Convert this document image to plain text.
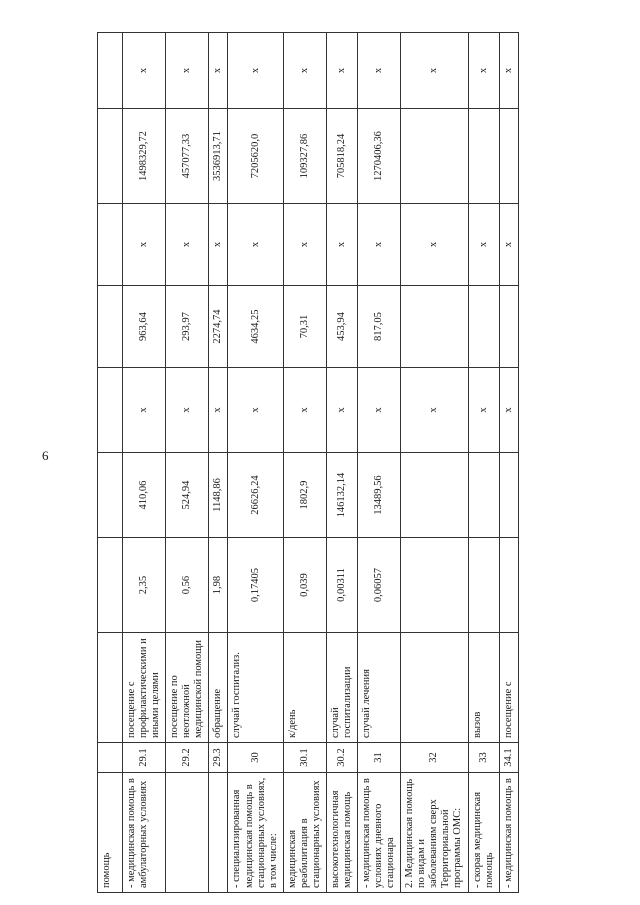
6
помощь									
- медицинская помощь в амбулаторных условиях	29.1	посещение с профилактическими и иными целями	2,35	410,06	x	963,64	x	1498329,72	x
	29.2	посещение по неотложной медицинской помощи	0,56	524,94	x	293,97	x	457077,33	x
	29.3	обращение	1,98	1148,86	x	2274,74	x	3536913,71	x
- специализированная медицинская помощь в стационарных условиях, в том числе:	30	случай госпитализ.	0,17405	26626,24	x	4634,25	x	7205620,0	x
медицинская реабилитация в стационарных условиях	30.1	к/день	0,039	1802,9	x	70,31	x	109327,86	x
высокотехнологичная медицинская помощь	30.2	случай госпитализации	0,00311	146132,14	x	453,94	x	705818,24	x
- медицинская помощь в условиях дневного стационара	31	случай лечения	0,06057	13489,56	x	817,05	x	1270406,36	x
2. Медицинская помощь по видам и заболеваниям сверх Территориальной программы ОМС:	32				x		x		x
- скорая медицинская помощь	33	вызов			x		x		x
- медицинская помощь в	34.1	посещение с			x		x		x
